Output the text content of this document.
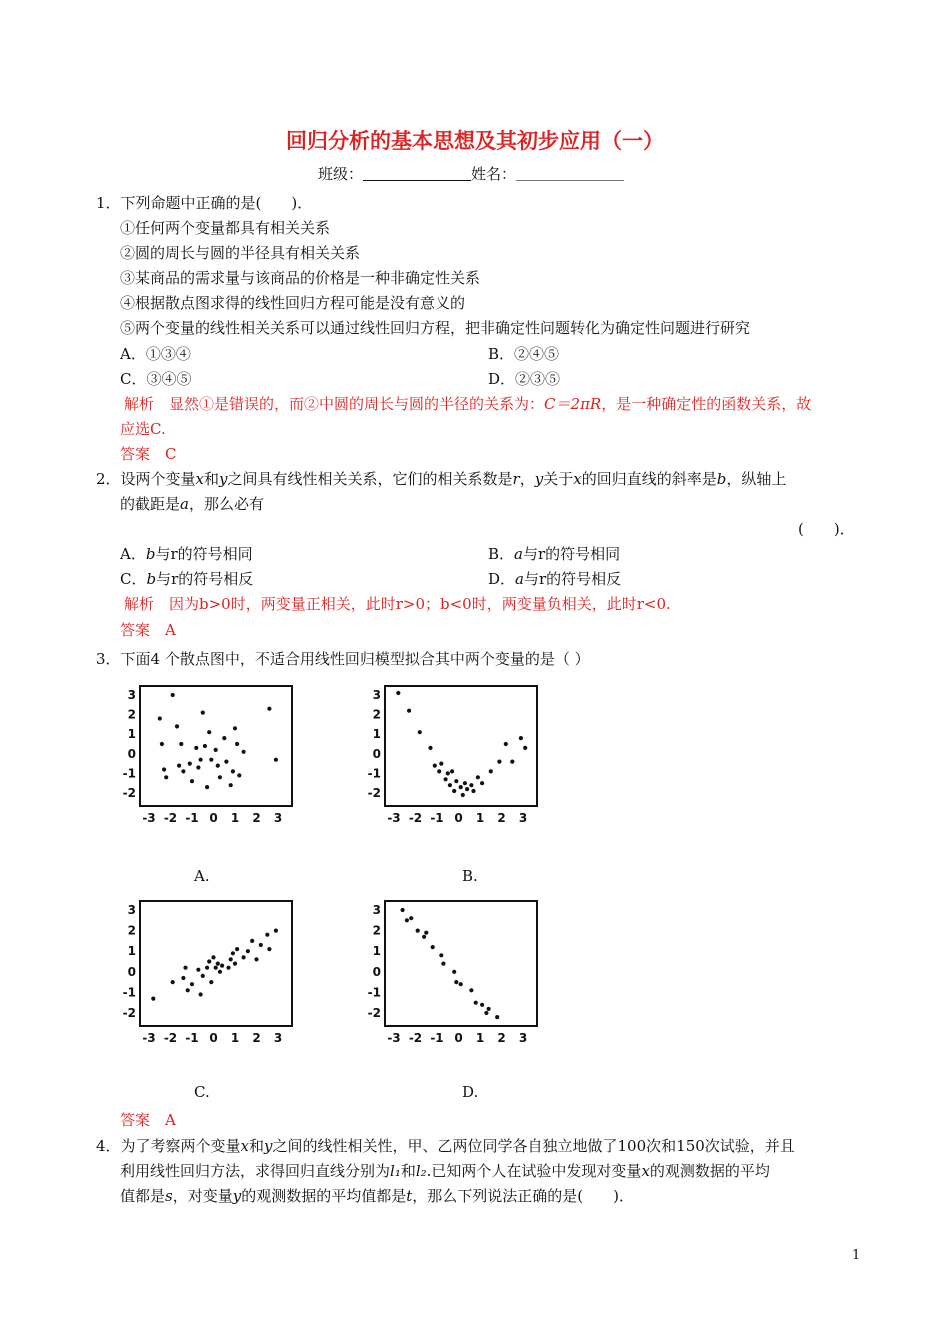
回归分析的基本思想及其初步应用（一）
班级：	姓名：
1．下列命题中正确的是(　　)．
①任何两个变量都具有相关关系
②圆的周长与圆的半径具有相关关系
③某商品的需求量与该商品的价格是一种非确定性关系
④根据散点图求得的线性回归方程可能是没有意义的
⑤两个变量的线性相关关系可以通过线性回归方程，把非确定性问题转化为确定性问题进行研究
A．①③④	B．②④⑤
C．③④⑤	D．②③⑤
解析　 显然①是错误的，而②中圆的周长与圆的半径的关系为：C＝2πR，是一种确定性的函数关系，故
应选C.
答案　C
2．设两个变量x和y之间具有线性相关关系，它们的相关系数是r，y关于x的回归直线的斜率是b，纵轴上
的截距是a，那么必有
(　　)．
A．b与r的符号相同	B．a与r的符号相同
C．b与r的符号相反	D．a与r的符号相反
解析　因为b>0时，两变量正相关，此时r>0；b<0时，两变量负相关，此时r<0.
答案　A
3．下面4 个散点图中，不适合用线性回归模型拟合其中两个变量的是（ ）
3
2
1
0
-1
-2
-3 -2 -1 0 1 2 3
3
2
1
0
-1
-2
-3 -2 -1 0 1 2 3
3
2
1
0
-1
-2
-3 -2 -1 0 1 2 3
3
2
1
0
-1
-2
-3 -2 -1 0 1 2 3
A.	B.
C.	D.
答案　A
4．为了考察两个变量x和y之间的线性相关性，甲、乙两位同学各自独立地做了100次和150次试验，并且
利用线性回归方法，求得回归直线分别为l₁和l₂.已知两个人在试验中发现对变量x的观测数据的平均
值都是s，对变量y的观测数据的平均值都是t，那么下列说法正确的是(　　)．
1
